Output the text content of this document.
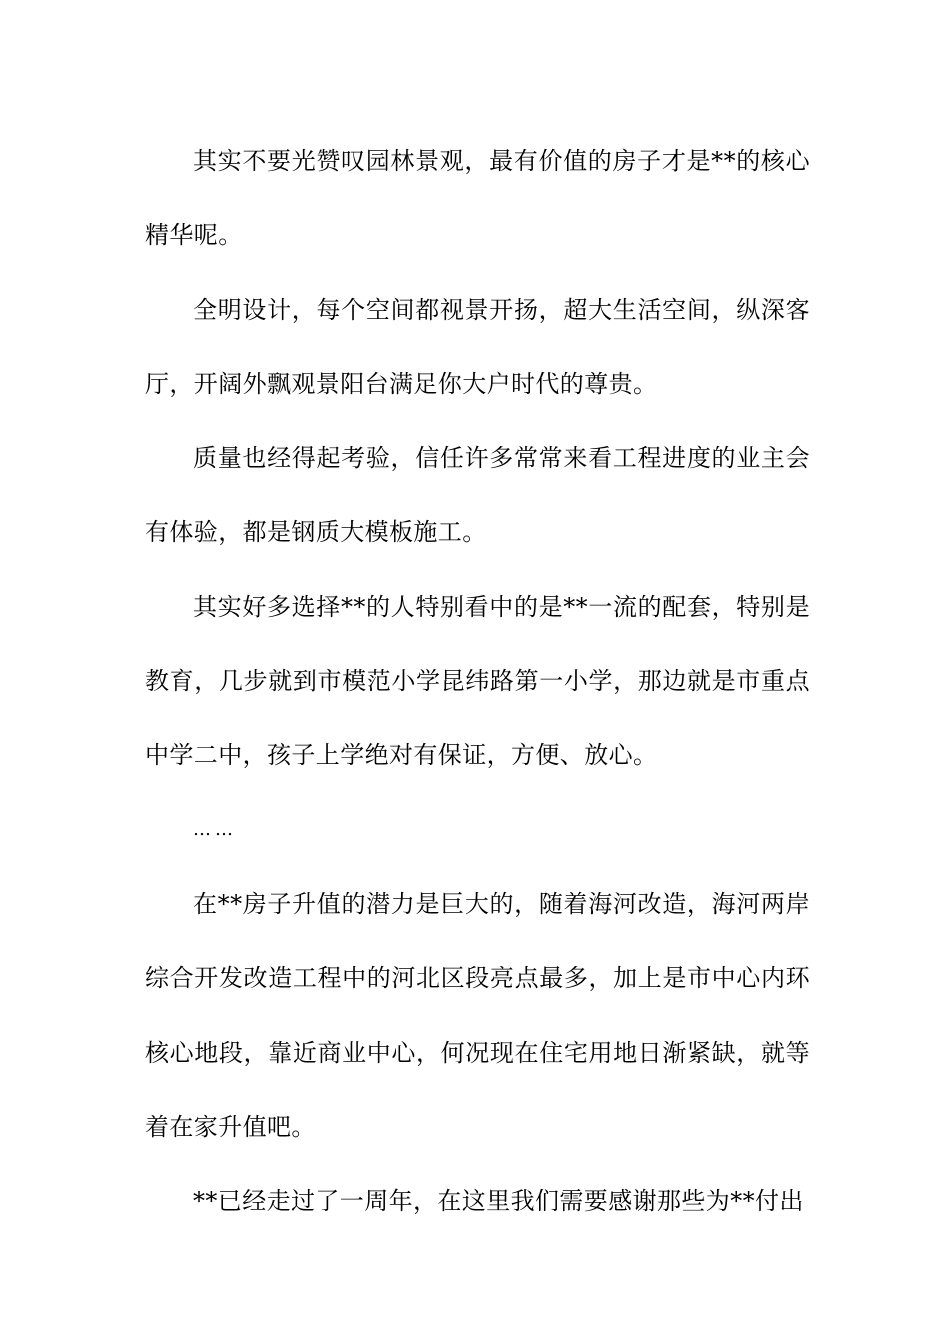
其实不要光赞叹园林景观，最有价值的房子才是**的核心精华呢。

全明设计，每个空间都视景开扬，超大生活空间，纵深客厅，开阔外飘观景阳台满足你大户时代的尊贵。

质量也经得起考验，信任许多常常来看工程进度的业主会有体验，都是钢质大模板施工。

其实好多选择**的人特别看中的是**一流的配套，特别是教育，几步就到市模范小学昆纬路第一小学，那边就是市重点中学二中，孩子上学绝对有保证，方便、放心。

……

在**房子升值的潜力是巨大的，随着海河改造，海河两岸综合开发改造工程中的河北区段亮点最多，加上是市中心内环核心地段，靠近商业中心，何况现在住宅用地日渐紧缺，就等着在家升值吧。

**已经走过了一周年，在这里我们需要感谢那些为**付出
